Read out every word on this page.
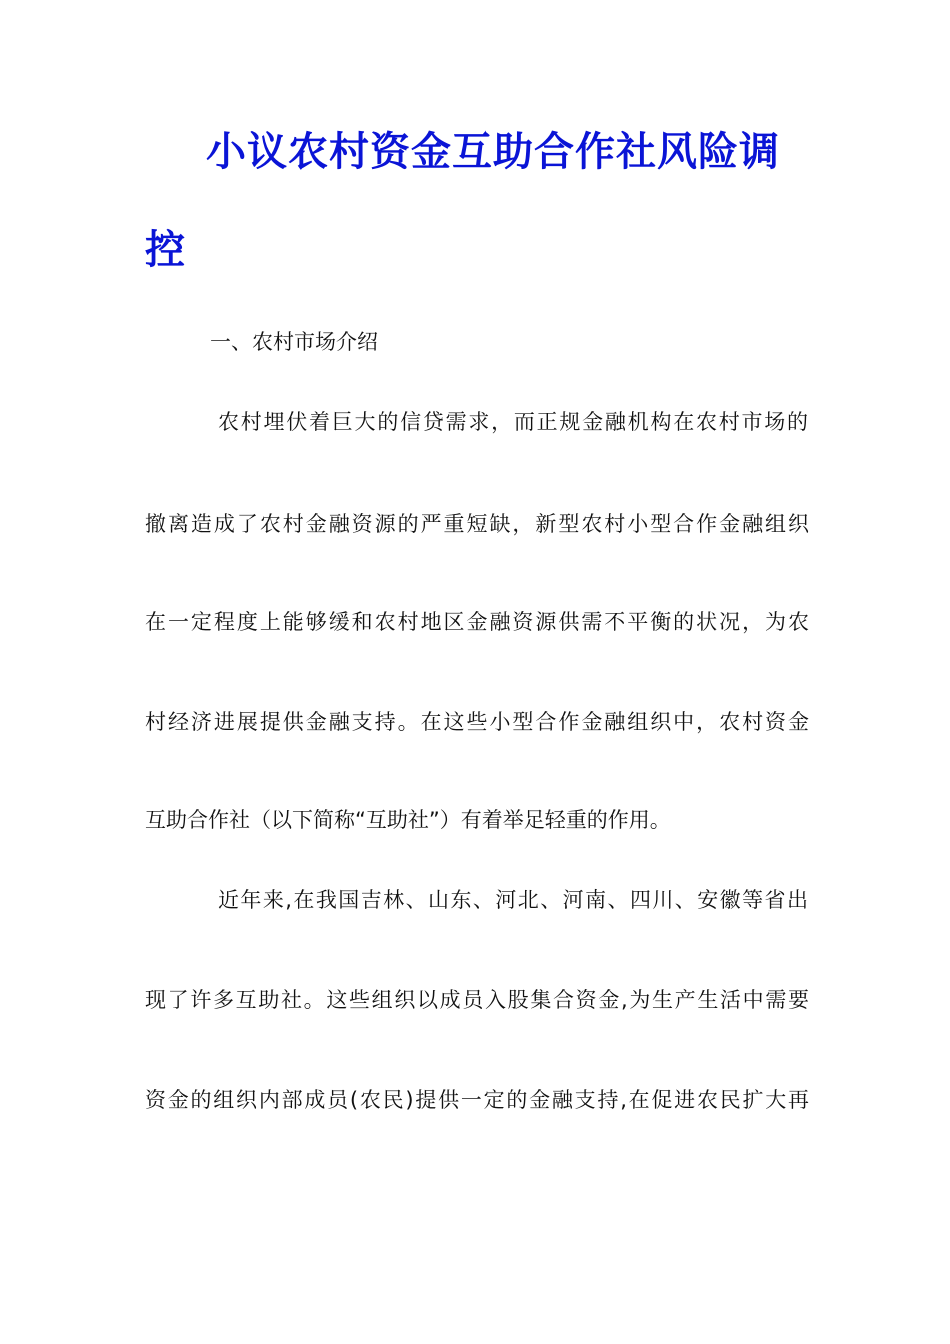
小议农村资金互助合作社风险调
控

一、农村市场介绍

农村埋伏着巨大的信贷需求，而正规金融机构在农村市场的

撤离造成了农村金融资源的严重短缺，新型农村小型合作金融组织

在一定程度上能够缓和农村地区金融资源供需不平衡的状况，为农

村经济进展提供金融支持。在这些小型合作金融组织中，农村资金

互助合作社（以下简称“互助社”）有着举足轻重的作用。

近年来,在我国吉林、山东、河北、河南、四川、安徽等省出

现了许多互助社。这些组织以成员入股集合资金,为生产生活中需要

资金的组织内部成员(农民)提供一定的金融支持,在促进农民扩大再
